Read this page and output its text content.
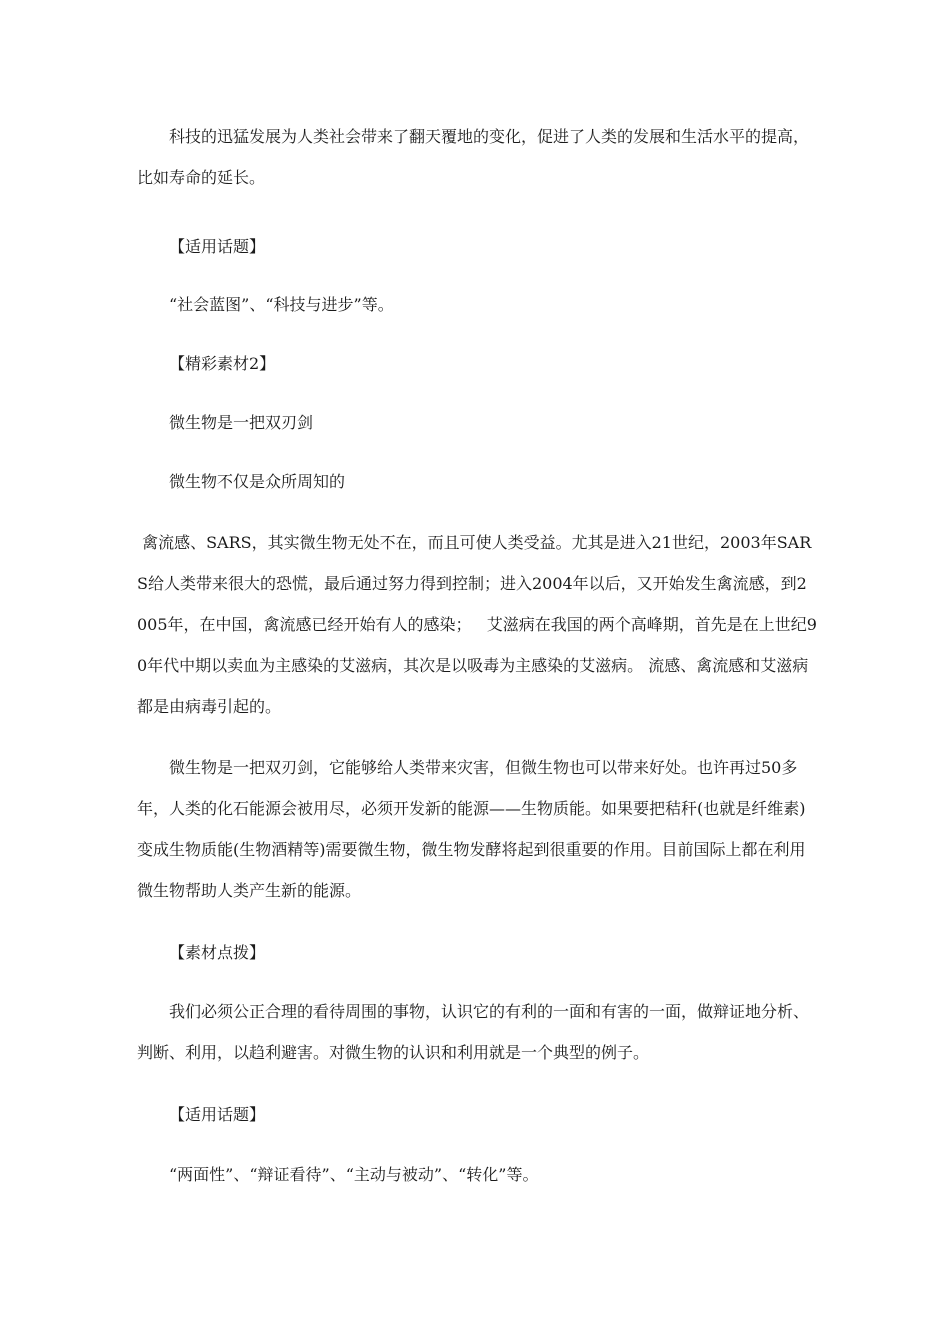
科技的迅猛发展为人类社会带来了翻天覆地的变化，促进了人类的发展和生活水平的提高，比如寿命的延长。

【适用话题】

“社会蓝图”、“科技与进步”等。

【精彩素材2】

微生物是一把双刃剑

微生物不仅是众所周知的

禽流感、SARS，其实微生物无处不在，而且可使人类受益。尤其是进入21世纪，2003年SARS给人类带来很大的恐慌，最后通过努力得到控制；进入2004年以后，又开始发生禽流感，到2005年，在中国，禽流感已经开始有人的感染；   艾滋病在我国的两个高峰期，首先是在上世纪90年代中期以卖血为主感染的艾滋病，其次是以吸毒为主感染的艾滋病。 流感、禽流感和艾滋病都是由病毒引起的。

微生物是一把双刃剑，它能够给人类带来灾害，但微生物也可以带来好处。也许再过50多年，人类的化石能源会被用尽，必须开发新的能源——生物质能。如果要把秸秆(也就是纤维素)变成生物质能(生物酒精等)需要微生物，微生物发酵将起到很重要的作用。目前国际上都在利用微生物帮助人类产生新的能源。

【素材点拨】

我们必须公正合理的看待周围的事物，认识它的有利的一面和有害的一面，做辩证地分析、判断、利用，以趋利避害。对微生物的认识和利用就是一个典型的例子。

【适用话题】

“两面性”、“辩证看待”、“主动与被动”、“转化”等。
